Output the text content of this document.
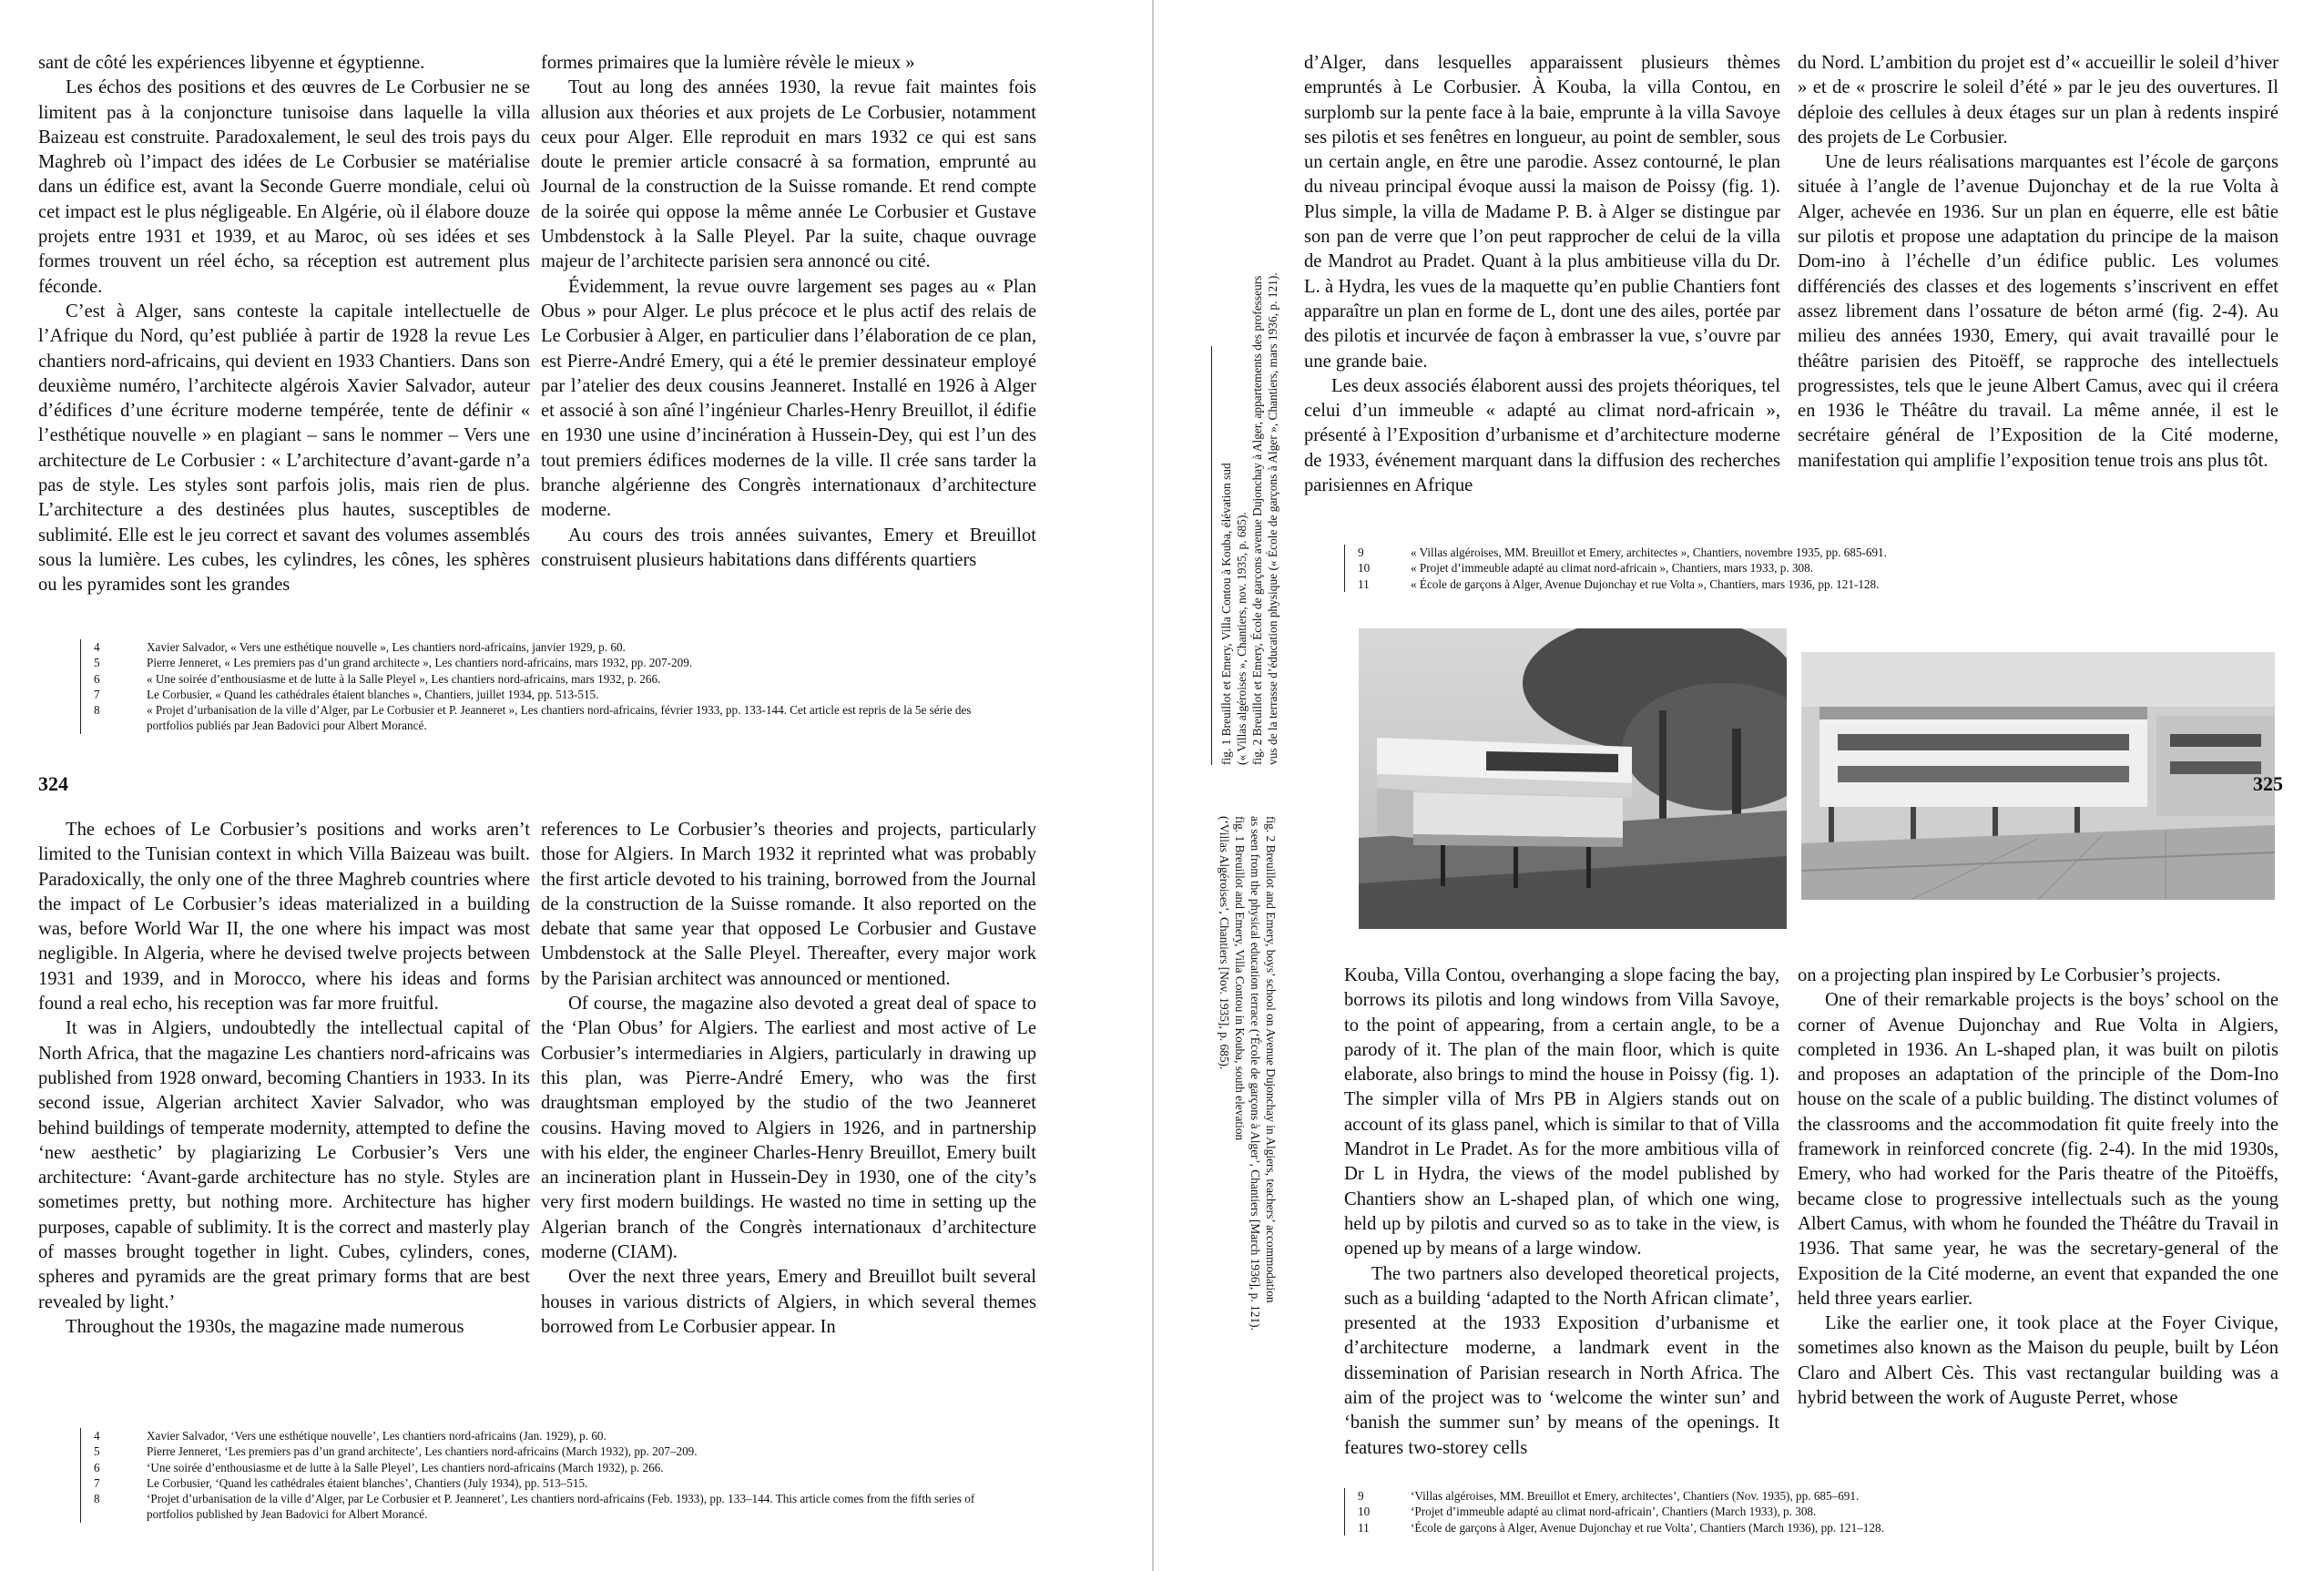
sant de côté les expériences libyenne et égyptienne.

Les échos des positions et des œuvres de Le Corbusier ne se limitent pas à la conjoncture tunisoise dans laquelle la villa Baizeau est construite. Paradoxalement, le seul des trois pays du Maghreb où l’impact des idées de Le Corbusier se matérialise dans un édifice est, avant la Seconde Guerre mondiale, celui où cet impact est le plus négligeable. En Algérie, où il élabore douze projets entre 1931 et 1939, et au Maroc, où ses idées et ses formes trouvent un réel écho, sa réception est autrement plus féconde.

C’est à Alger, sans conteste la capitale intellectuelle de l’Afrique du Nord, qu’est publiée à partir de 1928 la revue Les chantiers nord-africains, qui devient en 1933 Chantiers. Dans son deuxième numéro, l’architecte algérois Xavier Salvador, auteur d’édifices d’une écriture moderne tempérée, tente de définir « l’esthétique nouvelle » en plagiant – sans le nommer – Vers une architecture de Le Corbusier : « L’architecture d’avant-garde n’a pas de style. Les styles sont parfois jolis, mais rien de plus. L’architecture a des destinées plus hautes, susceptibles de sublimité. Elle est le jeu correct et savant des volumes assemblés sous la lumière. Les cubes, les cylindres, les cônes, les sphères ou les pyramides sont les grandes

formes primaires que la lumière révèle le mieux »

Tout au long des années 1930, la revue fait maintes fois allusion aux théories et aux projets de Le Corbusier, notamment ceux pour Alger. Elle reproduit en mars 1932 ce qui est sans doute le premier article consacré à sa formation, emprunté au Journal de la construction de la Suisse romande. Et rend compte de la soirée qui oppose la même année Le Corbusier et Gustave Umbdenstock à la Salle Pleyel. Par la suite, chaque ouvrage majeur de l’architecte parisien sera annoncé ou cité.

Évidemment, la revue ouvre largement ses pages au « Plan Obus » pour Alger. Le plus précoce et le plus actif des relais de Le Corbusier à Alger, en particulier dans l’élaboration de ce plan, est Pierre-André Emery, qui a été le premier dessinateur employé par l’atelier des deux cousins Jeanneret. Installé en 1926 à Alger et associé à son aîné l’ingénieur Charles-Henry Breuillot, il édifie en 1930 une usine d’incinération à Hussein-Dey, qui est l’un des tout premiers édifices modernes de la ville. Il crée sans tarder la branche algérienne des Congrès internationaux d’architecture moderne.

Au cours des trois années suivantes, Emery et Breuillot construisent plusieurs habitations dans différents quartiers

4	Xavier Salvador, « Vers une esthétique nouvelle », Les chantiers nord-africains, janvier 1929, p. 60.
5	Pierre Jenneret, « Les premiers pas d’un grand architecte », Les chantiers nord-africains, mars 1932, pp. 207-209.
6	« Une soirée d’enthousiasme et de lutte à la Salle Pleyel », Les chantiers nord-africains, mars 1932, p. 266.
7	Le Corbusier, « Quand les cathédrales étaient blanches », Chantiers, juillet 1934, pp. 513-515.
8	« Projet d’urbanisation de la ville d’Alger, par Le Corbusier et P. Jeanneret », Les chantiers nord-africains, février 1933, pp. 133-144. Cet article est repris de la 5e série des portfolios publiés par Jean Badovici pour Albert Morancé.
324

The echoes of Le Corbusier’s positions and works aren’t limited to the Tunisian context in which Villa Baizeau was built. Paradoxically, the only one of the three Maghreb countries where the impact of Le Corbusier’s ideas materialized in a building was, before World War II, the one where his impact was most negligible. In Algeria, where he devised twelve projects between 1931 and 1939, and in Morocco, where his ideas and forms found a real echo, his reception was far more fruitful.

It was in Algiers, undoubtedly the intellectual capital of North Africa, that the magazine Les chantiers nord-africains was published from 1928 onward, becoming Chantiers in 1933. In its second issue, Algerian architect Xavier Salvador, who was behind buildings of temperate modernity, attempted to define the ‘new aesthetic’ by plagiarizing Le Corbusier’s Vers une architecture: ‘Avant-garde architecture has no style. Styles are sometimes pretty, but nothing more. Architecture has higher purposes, capable of sublimity. It is the correct and masterly play of masses brought together in light. Cubes, cylinders, cones, spheres and pyramids are the great primary forms that are best revealed by light.’

Throughout the 1930s, the magazine made numerous

references to Le Corbusier’s theories and projects, particularly those for Algiers. In March 1932 it reprinted what was probably the first article devoted to his training, borrowed from the Journal de la construction de la Suisse romande. It also reported on the debate that same year that opposed Le Corbusier and Gustave Umbdenstock at the Salle Pleyel. Thereafter, every major work by the Parisian architect was announced or mentioned.

Of course, the magazine also devoted a great deal of space to the ‘Plan Obus’ for Algiers. The earliest and most active of Le Corbusier’s intermediaries in Algiers, particularly in drawing up this plan, was Pierre-André Emery, who was the first draughtsman employed by the studio of the two Jeanneret cousins. Having moved to Algiers in 1926, and in partnership with his elder, the engineer Charles-Henry Breuillot, Emery built an incineration plant in Hussein-Dey in 1930, one of the city’s very first modern buildings. He wasted no time in setting up the Algerian branch of the Congrès internationaux d’architecture moderne (CIAM).

Over the next three years, Emery and Breuillot built several houses in various districts of Algiers, in which several themes borrowed from Le Corbusier appear. In

4	Xavier Salvador, ‘Vers une esthétique nouvelle’, Les chantiers nord-africains (Jan. 1929), p. 60.
5	Pierre Jenneret, ‘Les premiers pas d’un grand architecte’, Les chantiers nord-africains (March 1932), pp. 207–209.
6	‘Une soirée d’enthousiasme et de lutte à la Salle Pleyel’, Les chantiers nord-africains (March 1932), p. 266.
7	Le Corbusier, ‘Quand les cathédrales étaient blanches’, Chantiers (July 1934), pp. 513–515.
8	‘Projet d’urbanisation de la ville d’Alger, par Le Corbusier et P. Jeanneret’, Les chantiers nord-africains (Feb. 1933), pp. 133–144. This article comes from the fifth series of portfolios published by Jean Badovici for Albert Morancé.
fig. 1 Breuillot et Emery, Villa Contou à Kouba, élévation sud (« Villas algéroises », Chantiers, nov. 1935, p. 685). fig. 2 Breuillot et Emery, École de garçons avenue Dujonchay à Alger, appartements des professeurs vus de la terrasse d’éducation physique (« École de garçons à Alger », Chantiers, mars 1936, p. 121).
fig. 2 Breuillot and Emery, boys’ school on Avenue Dujonchay in Algiers, teachers’ accommodation
as seen from the physical education terrace (‘École de garçons à Alger’, Chantiers [March 1936], p. 121).
fig. 1 Breuillot and Emery, Villa Contou in Kouba, south elevation
(‘Villas Algéroises’, Chantiers [Nov. 1935], p. 685).

d’Alger, dans lesquelles apparaissent plusieurs thèmes empruntés à Le Corbusier. À Kouba, la villa Contou, en surplomb sur la pente face à la baie, emprunte à la villa Savoye ses pilotis et ses fenêtres en longueur, au point de sembler, sous un certain angle, en être une parodie. Assez contourné, le plan du niveau principal évoque aussi la maison de Poissy (fig. 1). Plus simple, la villa de Madame P. B. à Alger se distingue par son pan de verre que l’on peut rapprocher de celui de la villa de Mandrot au Pradet. Quant à la plus ambitieuse villa du Dr. L. à Hydra, les vues de la maquette qu’en publie Chantiers font apparaître un plan en forme de L, dont une des ailes, portée par des pilotis et incurvée de façon à embrasser la vue, s’ouvre par une grande baie.

Les deux associés élaborent aussi des projets théoriques, tel celui d’un immeuble « adapté au climat nord-africain », présenté à l’Exposition d’urbanisme et d’architecture moderne de 1933, événement marquant dans la diffusion des recherches parisiennes en Afrique

du Nord. L’ambition du projet est d’« accueillir le soleil d’hiver » et de « proscrire le soleil d’été » par le jeu des ouvertures. Il déploie des cellules à deux étages sur un plan à redents inspiré des projets de Le Corbusier.

Une de leurs réalisations marquantes est l’école de garçons située à l’angle de l’avenue Dujonchay et de la rue Volta à Alger, achevée en 1936. Sur un plan en équerre, elle est bâtie sur pilotis et propose une adaptation du principe de la maison Dom-ino à l’échelle d’un édifice public. Les volumes différenciés des classes et des logements s’inscrivent en effet assez librement dans l’ossature de béton armé (fig. 2-4). Au milieu des années 1930, Emery, qui avait travaillé pour le théâtre parisien des Pitoëff, se rapproche des intellectuels progressistes, tels que le jeune Albert Camus, avec qui il créera en 1936 le Théâtre du travail. La même année, il est le secrétaire général de l’Exposition de la Cité moderne, manifestation qui amplifie l’exposition tenue trois ans plus tôt.

9	« Villas algéroises, MM. Breuillot et Emery, architectes », Chantiers, novembre 1935, pp. 685-691.
10	« Projet d’immeuble adapté au climat nord-africain », Chantiers, mars 1933, p. 308.
11	« École de garçons à Alger, Avenue Dujonchay et rue Volta », Chantiers, mars 1936, pp. 121-128.
325

Kouba, Villa Contou, overhanging a slope facing the bay, borrows its pilotis and long windows from Villa Savoye, to the point of appearing, from a certain angle, to be a parody of it. The plan of the main floor, which is quite elaborate, also brings to mind the house in Poissy (fig. 1). The simpler villa of Mrs PB in Algiers stands out on account of its glass panel, which is similar to that of Villa Mandrot in Le Pradet. As for the more ambitious villa of Dr L in Hydra, the views of the model published by Chantiers show an L-shaped plan, of which one wing, held up by pilotis and curved so as to take in the view, is opened up by means of a large window.

The two partners also developed theoretical projects, such as a building ‘adapted to the North African climate’, presented at the 1933 Exposition d’urbanisme et d’architecture moderne, a landmark event in the dissemination of Parisian research in North Africa. The aim of the project was to ‘welcome the winter sun’ and ‘banish the summer sun’ by means of the openings. It features two-storey cells

on a projecting plan inspired by Le Corbusier’s projects.

One of their remarkable projects is the boys’ school on the corner of Avenue Dujonchay and Rue Volta in Algiers, completed in 1936. An L-shaped plan, it was built on pilotis and proposes an adaptation of the principle of the Dom-Ino house on the scale of a public building. The distinct volumes of the classrooms and the accommodation fit quite freely into the framework in reinforced concrete (fig. 2-4). In the mid 1930s, Emery, who had worked for the Paris theatre of the Pitoëffs, became close to progressive intellectuals such as the young Albert Camus, with whom he founded the Théâtre du Travail in 1936. That same year, he was the secretary-general of the Exposition de la Cité moderne, an event that expanded the one held three years earlier.

Like the earlier one, it took place at the Foyer Civique, sometimes also known as the Maison du peuple, built by Léon Claro and Albert Cès. This vast rectangular building was a hybrid between the work of Auguste Perret, whose

9	‘Villas algéroises, MM. Breuillot et Emery, architectes’, Chantiers (Nov. 1935), pp. 685–691.
10	‘Projet d’immeuble adapté au climat nord-africain’, Chantiers (March 1933), p. 308.
11	‘École de garçons à Alger, Avenue Dujonchay et rue Volta’, Chantiers (March 1936), pp. 121–128.
